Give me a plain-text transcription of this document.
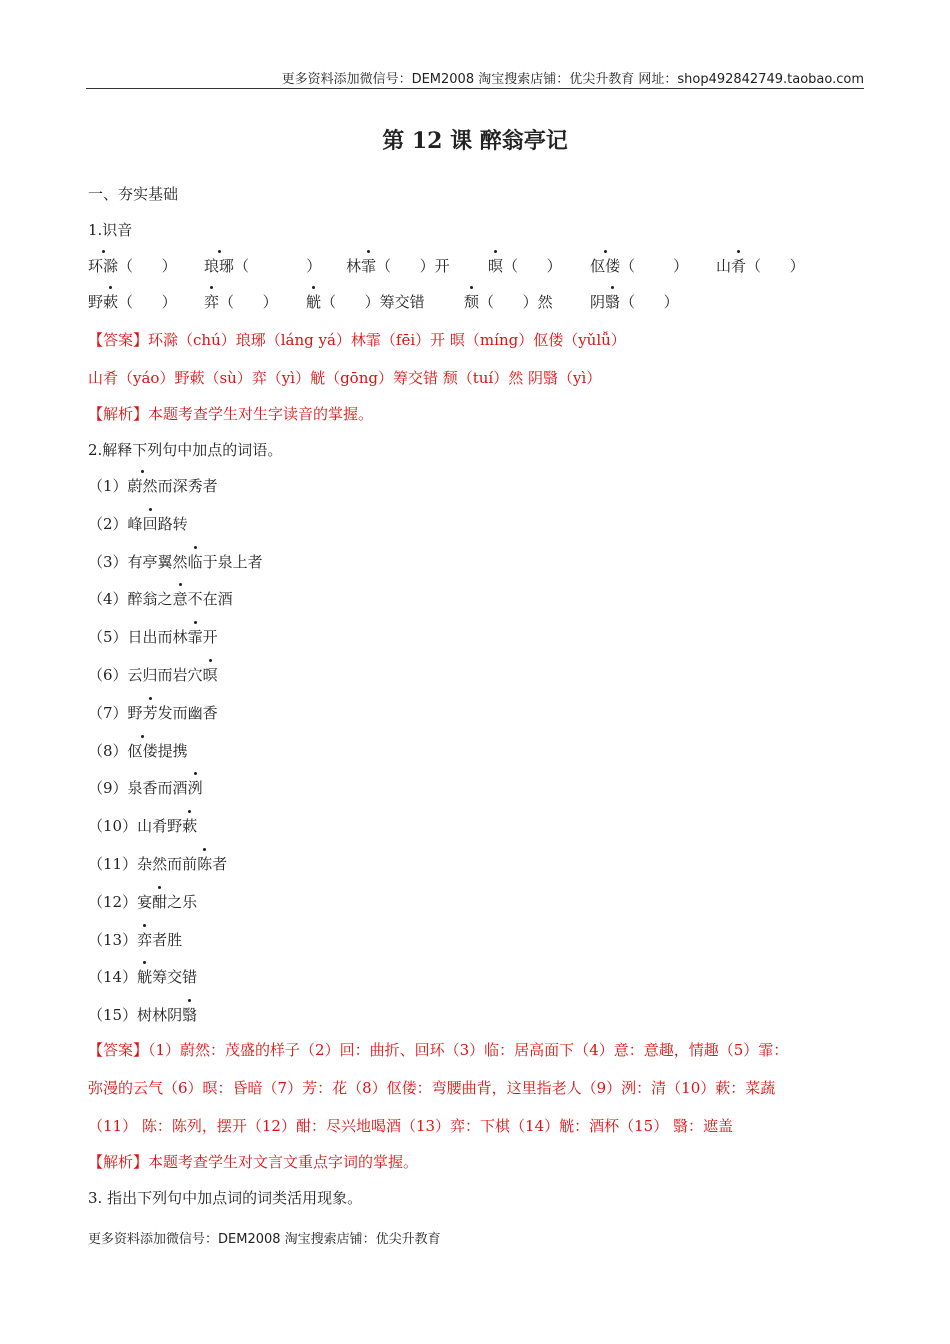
更多资料添加微信号：DEM2008 淘宝搜索店铺：优尖升教育 网址：shop492842749.taobao.com
第 12 课 醉翁亭记
一、夯实基础
1.识音
环滁（      ） 琅琊（            ） 林霏（      ）开	暝（      ） 伛偻（        ） 山肴（      ）
野蔌（      ） 弈（      ） 觥（      ）筹交错	颓（      ）然 阴翳（      ）
【答案】环滁（chú）琅琊（láng yá）林霏（fēi）开 暝（míng）伛偻（yǔlǚ）
山肴（yáo）野蔌（sù）弈（yì）觥（gōng）筹交错 颓（tuí）然 阴翳（yì）
【解析】本题考查学生对生字读音的掌握。
2.解释下列句中加点的词语。
（1）蔚然而深秀者
（2）峰回路转
（3）有亭翼然临于泉上者
（4）醉翁之意不在酒
（5）日出而林霏开
（6）云归而岩穴暝
（7）野芳发而幽香
（8）伛偻提携
（9）泉香而酒洌
（10）山肴野蔌
（11）杂然而前陈者
（12）宴酣之乐
（13）弈者胜
（14）觥筹交错
（15）树林阴翳
【答案】（1）蔚然：茂盛的样子（2）回：曲折、回环（3）临：居高面下（4）意：意趣，情趣（5）霏：
弥漫的云气（6）暝：昏暗（7）芳：花（8）伛偻：弯腰曲背，这里指老人（9）洌：清（10）蔌：菜蔬
（11） 陈：陈列，摆开（12）酣：尽兴地喝酒（13）弈：下棋（14）觥：酒杯（15） 翳：遮盖
【解析】本题考查学生对文言文重点字词的掌握。
3. 指出下列句中加点词的词类活用现象。
更多资料添加微信号：DEM2008 淘宝搜索店铺：优尖升教育
